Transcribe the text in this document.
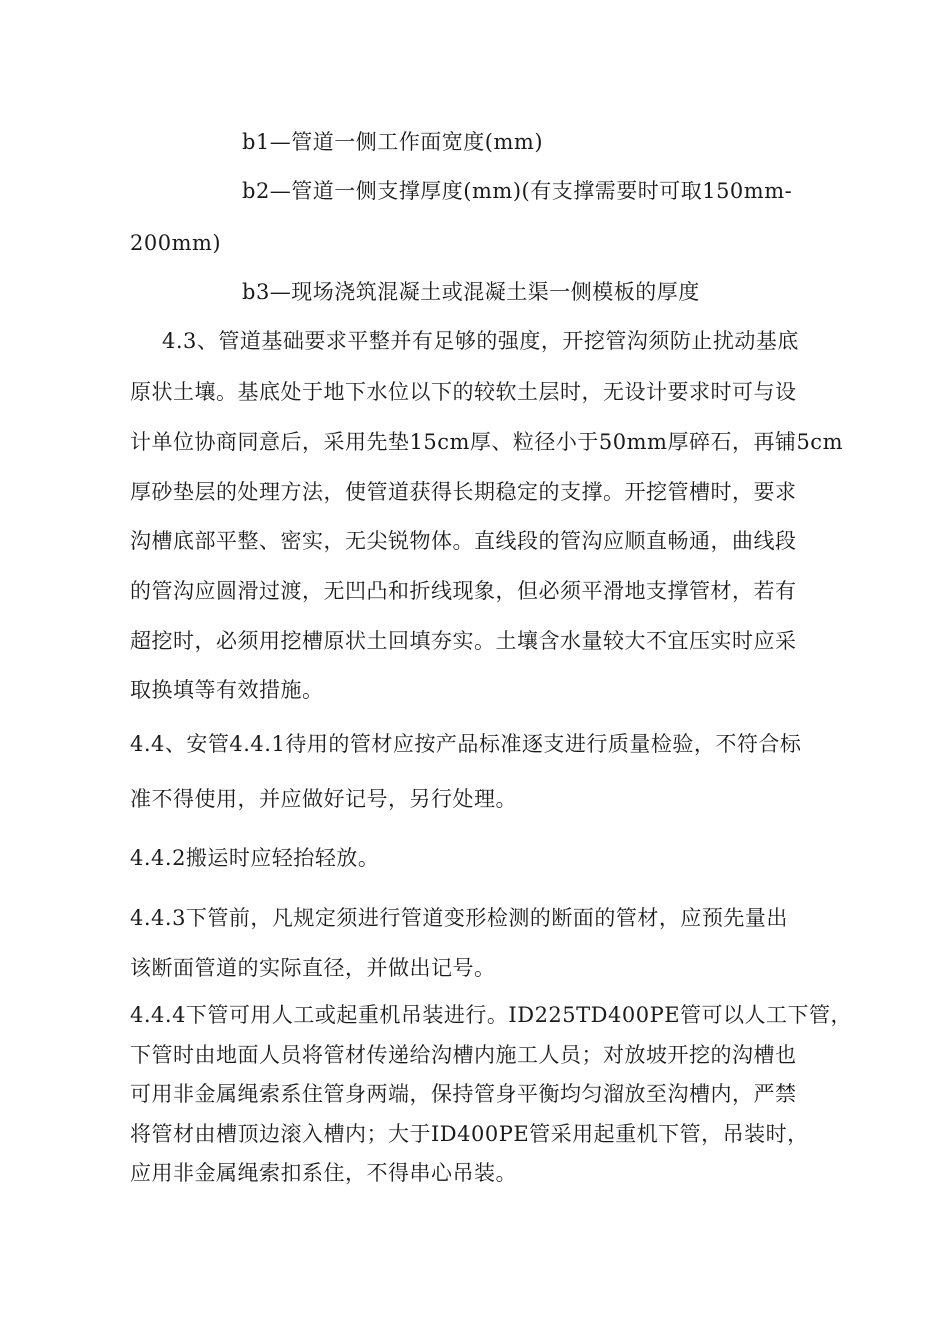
b1—管道一侧工作面宽度(mm)
b2—管道一侧支撑厚度(mm)(有支撑需要时可取150mm-
200mm)
b3—现场浇筑混凝土或混凝土渠一侧模板的厚度
4.3、管道基础要求平整并有足够的强度，开挖管沟须防止扰动基底
原状土壤。基底处于地下水位以下的较软土层时，无设计要求时可与设
计单位协商同意后，采用先垫15cm厚、粒径小于50mm厚碎石，再铺5cm
厚砂垫层的处理方法，使管道获得长期稳定的支撑。开挖管槽时，要求
沟槽底部平整、密实，无尖锐物体。直线段的管沟应顺直畅通，曲线段
的管沟应圆滑过渡，无凹凸和折线现象，但必须平滑地支撑管材，若有
超挖时，必须用挖槽原状土回填夯实。土壤含水量较大不宜压实时应采
取换填等有效措施。
4.4、安管4.4.1待用的管材应按产品标准逐支进行质量检验，不符合标
准不得使用，并应做好记号，另行处理。
4.4.2搬运时应轻抬轻放。
4.4.3下管前，凡规定须进行管道变形检测的断面的管材，应预先量出
该断面管道的实际直径，并做出记号。
4.4.4下管可用人工或起重机吊装进行。ID225TD400PE管可以人工下管，
下管时由地面人员将管材传递给沟槽内施工人员；对放坡开挖的沟槽也
可用非金属绳索系住管身两端，保持管身平衡均匀溜放至沟槽内，严禁
将管材由槽顶边滚入槽内；大于ID400PE管采用起重机下管，吊装时，
应用非金属绳索扣系住，不得串心吊装。
